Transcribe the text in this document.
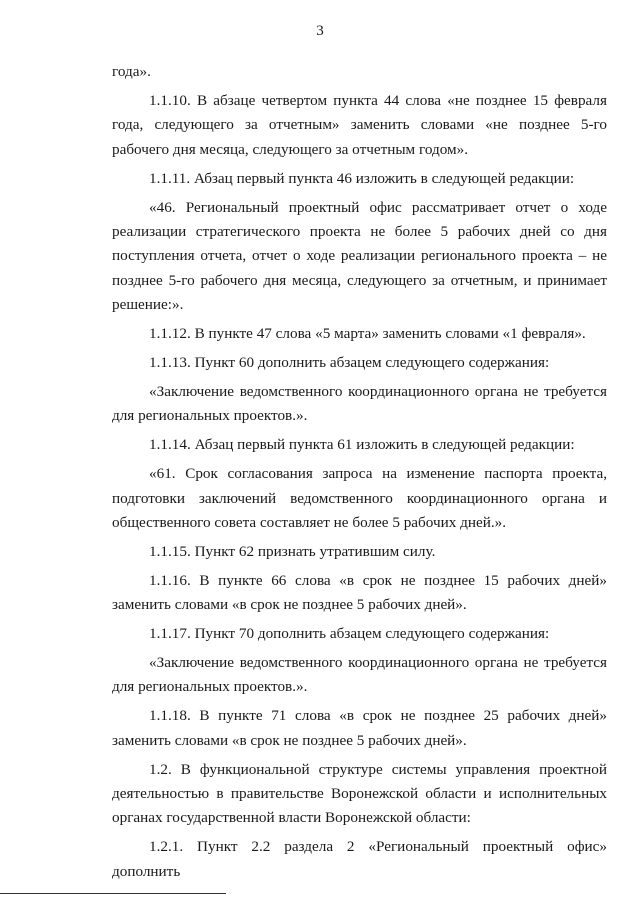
3

года».

1.1.10. В абзаце четвертом пункта 44 слова «не позднее 15 февраля года, следующего за отчетным» заменить словами «не позднее 5-го рабочего дня месяца, следующего за отчетным годом».

1.1.11. Абзац первый пункта 46 изложить в следующей редакции:

«46. Региональный проектный офис рассматривает отчет о ходе реализации стратегического проекта не более 5 рабочих дней со дня поступления отчета, отчет о ходе реализации регионального проекта – не позднее 5-го рабочего дня месяца, следующего за отчетным, и принимает решение:».

1.1.12. В пункте 47 слова «5 марта» заменить словами «1 февраля».

1.1.13. Пункт 60 дополнить абзацем следующего содержания:

«Заключение ведомственного координационного органа не требуется для региональных проектов.».

1.1.14. Абзац первый пункта 61 изложить в следующей редакции:

«61. Срок согласования запроса на изменение паспорта проекта, подготовки заключений ведомственного координационного органа и общественного совета составляет не более 5 рабочих дней.».

1.1.15. Пункт 62 признать утратившим силу.

1.1.16. В пункте 66 слова «в срок не позднее 15 рабочих дней» заменить словами «в срок не позднее 5 рабочих дней».

1.1.17. Пункт 70 дополнить абзацем следующего содержания:

«Заключение ведомственного координационного органа не требуется для региональных проектов.».

1.1.18. В пункте 71 слова «в срок не позднее 25 рабочих дней» заменить словами «в срок не позднее 5 рабочих дней».

1.2. В функциональной структуре системы управления проектной деятельностью в правительстве Воронежской области и исполнительных органах государственной власти Воронежской области:

1.2.1. Пункт 2.2 раздела 2 «Региональный проектный офис» дополнить
